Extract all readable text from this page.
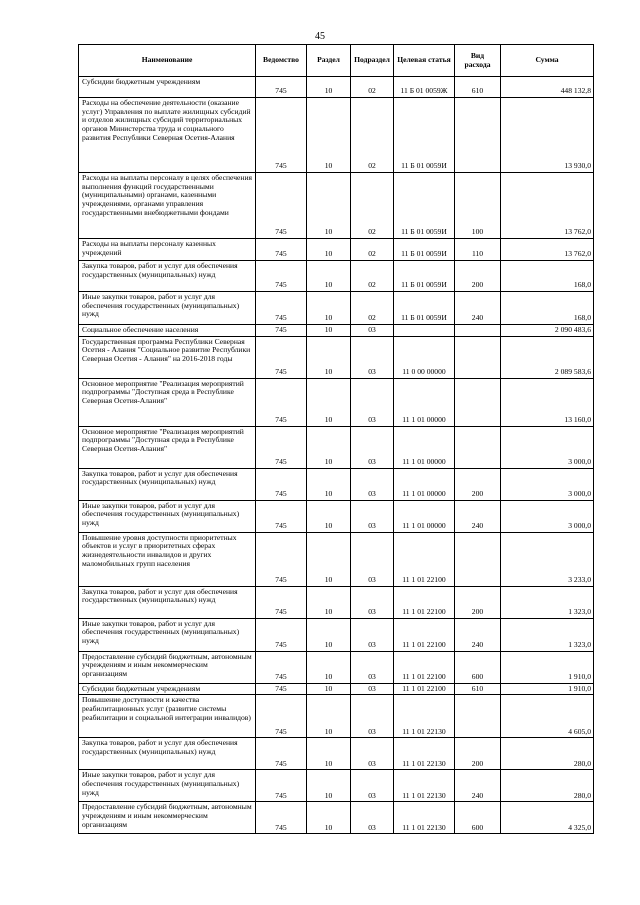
45
Наименование	Ведомство	Раздел	Подраздел	Целевая статья	Вид расхода	Сумма
Субсидии бюджетным учреждениям	745	10	02	11 Б 01 0059Ж	610	448 132,8
Расходы на обеспечение деятельности (оказание услуг) Управления по выплате жилищных субсидий и отделов жилищных субсидий территориальных органов Министерства труда и социального развития Республики Северная Осетия-Алания	745	10	02	11 Б 01 0059И		13 930,0
Расходы на выплаты персоналу в целях обеспечения выполнения функций государственными (муниципальными) органами, казенными учреждениями, органами управления государственными внебюджетными фондами	745	10	02	11 Б 01 0059И	100	13 762,0
Расходы на выплаты персоналу казенных учреждений	745	10	02	11 Б 01 0059И	110	13 762,0
Закупка товаров, работ и услуг для обеспечения государственных (муниципальных) нужд	745	10	02	11 Б 01 0059И	200	168,0
Иные закупки товаров, работ и услуг для обеспечения государственных (муниципальных) нужд	745	10	02	11 Б 01 0059И	240	168,0
Социальное обеспечение населения	745	10	03			2 090 483,6
Государственная программа Республики Северная Осетия - Алания "Социальное развитие Республики Северная Осетия - Алания" на 2016-2018 годы	745	10	03	11 0 00 00000		2 089 583,6
Основное мероприятие "Реализация мероприятий подпрограммы "Доступная среда в Республике Северная Осетия-Алания"	745	10	03	11 1 01 00000		13 160,0
Основное мероприятие "Реализация мероприятий подпрограммы "Доступная среда в Республике Северная Осетия-Алания"	745	10	03	11 1 01 00000		3 000,0
Закупка товаров, работ и услуг для обеспечения государственных (муниципальных) нужд	745	10	03	11 1 01 00000	200	3 000,0
Иные закупки товаров, работ и услуг для обеспечения государственных (муниципальных) нужд	745	10	03	11 1 01 00000	240	3 000,0
Повышение уровня доступности приоритетных объектов и услуг в приоритетных сферах жизнедеятельности инвалидов и других маломобильных групп населения	745	10	03	11 1 01 22100		3 233,0
Закупка товаров, работ и услуг для обеспечения государственных (муниципальных) нужд	745	10	03	11 1 01 22100	200	1 323,0
Иные закупки товаров, работ и услуг для обеспечения государственных (муниципальных) нужд	745	10	03	11 1 01 22100	240	1 323,0
Предоставление субсидий бюджетным, автономным учреждениям и иным некоммерческим организациям	745	10	03	11 1 01 22100	600	1 910,0
Субсидии бюджетным учреждениям	745	10	03	11 1 01 22100	610	1 910,0
Повышение доступности и качества реабилитационных услуг (развитие системы реабилитации и социальной интеграции инвалидов)	745	10	03	11 1 01 22130		4 605,0
Закупка товаров, работ и услуг для обеспечения государственных (муниципальных) нужд	745	10	03	11 1 01 22130	200	280,0
Иные закупки товаров, работ и услуг для обеспечения государственных (муниципальных) нужд	745	10	03	11 1 01 22130	240	280,0
Предоставление субсидий бюджетным, автономным учреждениям и иным некоммерческим организациям	745	10	03	11 1 01 22130	600	4 325,0
